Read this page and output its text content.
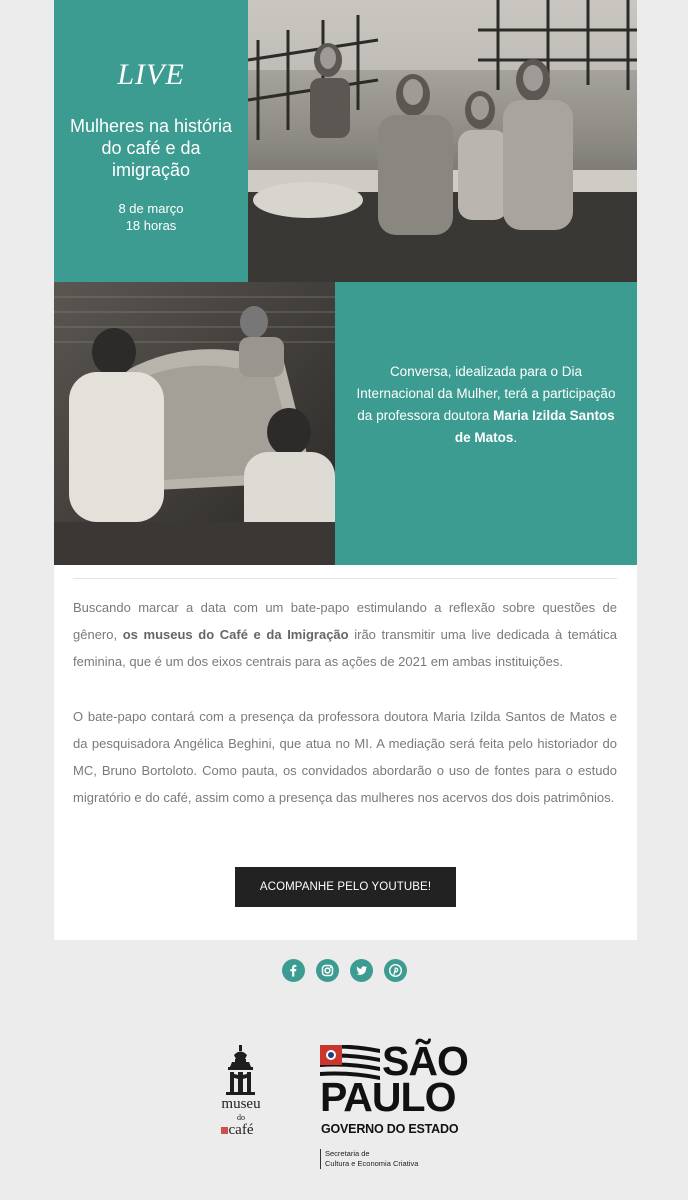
LIVE
Mulheres na história do café e da imigração
8 de março
18 horas
Conversa, idealizada para o Dia Internacional da Mulher, terá a participação da professora doutora Maria Izilda Santos de Matos.

Buscando marcar a data com um bate-papo estimulando a reflexão sobre questões de gênero, os museus do Café e da Imigração irão transmitir uma live dedicada à temática feminina, que é um dos eixos centrais para as ações de 2021 em ambas instituições.

O bate-papo contará com a presença da professora doutora Maria Izilda Santos de Matos e da pesquisadora Angélica Beghini, que atua no MI. A mediação será feita pelo historiador do MC, Bruno Bortoloto. Como pauta, os convidados abordarão o uso de fontes para o estudo migratório e do café, assim como a presença das mulheres nos acervos dos dois patrimônios.

ACOMPANHE PELO YOUTUBE!
museu
do
café
SÃO
PAULO
GOVERNO DO ESTADO
Secretaria de
Cultura e Economia Criativa
